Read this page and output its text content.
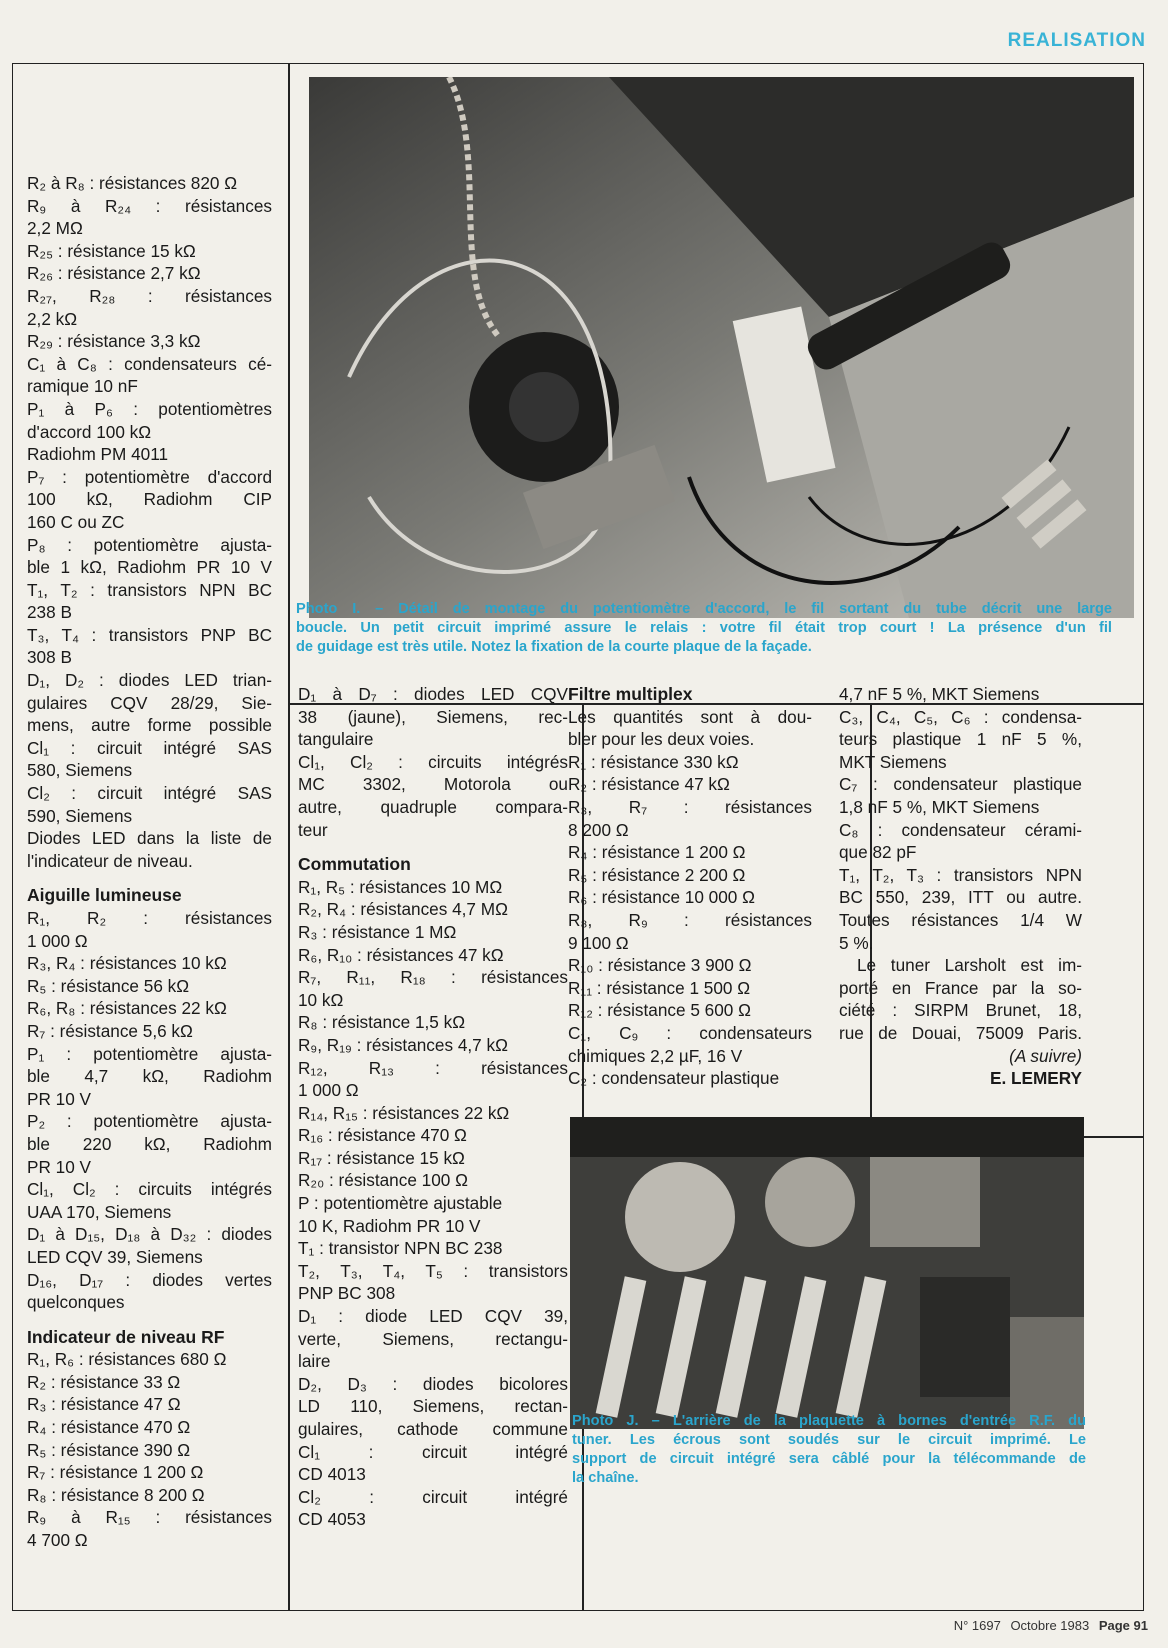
REALISATION
Photo I. – Détail de montage du potentiomètre d'accord, le fil sortant du tube décrit une large
boucle. Un petit circuit imprimé assure le relais : votre fil était trop court ! La présence d'un fil
de guidage est très utile. Notez la fixation de la courte plaque de la façade.
Photo J. – L'arrière de la plaquette à bornes d'entrée R.F. du
tuner. Les écrous sont soudés sur le circuit imprimé. Le
support de circuit intégré sera câblé pour la télécommande de
la chaîne.
R₂ à R₈ : résistances 820 Ω
R₉ à R₂₄ : résistances
2,2 MΩ
R₂₅ : résistance 15 kΩ
R₂₆ : résistance 2,7 kΩ
R₂₇, R₂₈ : résistances
2,2 kΩ
R₂₉ : résistance 3,3 kΩ
C₁ à C₈ : condensateurs cé-
ramique 10 nF
P₁ à P₆ : potentiomètres
d'accord 100 kΩ
Radiohm PM 4011
P₇ : potentiomètre d'accord
100 kΩ, Radiohm CIP
160 C ou ZC
P₈ : potentiomètre ajusta-
ble 1 kΩ, Radiohm PR 10 V
T₁, T₂ : transistors NPN BC
238 B
T₃, T₄ : transistors PNP BC
308 B
D₁, D₂ : diodes LED trian-
gulaires CQV 28/29, Sie-
mens, autre forme possible
Cl₁ : circuit intégré SAS
580, Siemens
Cl₂ : circuit intégré SAS
590, Siemens
Diodes LED dans la liste de
l'indicateur de niveau.
Aiguille lumineuse
R₁, R₂ : résistances
1 000 Ω
R₃, R₄ : résistances 10 kΩ
R₅ : résistance 56 kΩ
R₆, R₈ : résistances 22 kΩ
R₇ : résistance 5,6 kΩ
P₁ : potentiomètre ajusta-
ble 4,7 kΩ, Radiohm
PR 10 V
P₂ : potentiomètre ajusta-
ble 220 kΩ, Radiohm
PR 10 V
Cl₁, Cl₂ : circuits intégrés
UAA 170, Siemens
D₁ à D₁₅, D₁₈ à D₃₂ : diodes
LED CQV 39, Siemens
D₁₆, D₁₇ : diodes vertes
quelconques
Indicateur de niveau RF
R₁, R₆ : résistances 680 Ω
R₂ : résistance 33 Ω
R₃ : résistance 47 Ω
R₄ : résistance 470 Ω
R₅ : résistance 390 Ω
R₇ : résistance 1 200 Ω
R₈ : résistance 8 200 Ω
R₉ à R₁₅ : résistances
4 700 Ω
D₁ à D₇ : diodes LED CQV
38 (jaune), Siemens, rec-
tangulaire
Cl₁, Cl₂ : circuits intégrés
MC 3302, Motorola ou
autre, quadruple compara-
teur
Commutation
R₁, R₅ : résistances 10 MΩ
R₂, R₄ : résistances 4,7 MΩ
R₃ : résistance 1 MΩ
R₆, R₁₀ : résistances 47 kΩ
R₇, R₁₁, R₁₈ : résistances
10 kΩ
R₈ : résistance 1,5 kΩ
R₉, R₁₉ : résistances 4,7 kΩ
R₁₂, R₁₃ : résistances
1 000 Ω
R₁₄, R₁₅ : résistances 22 kΩ
R₁₆ : résistance 470 Ω
R₁₇ : résistance 15 kΩ
R₂₀ : résistance 100 Ω
P : potentiomètre ajustable
10 K, Radiohm PR 10 V
T₁ : transistor NPN BC 238
T₂, T₃, T₄, T₅ : transistors
PNP BC 308
D₁ : diode LED CQV 39,
verte, Siemens, rectangu-
laire
D₂, D₃ : diodes bicolores
LD 110, Siemens, rectan-
gulaires, cathode commune
Cl₁ : circuit intégré
CD 4013
Cl₂ : circuit intégré
CD 4053
Filtre multiplex
Les quantités sont à dou-
bler pour les deux voies.
R₁ : résistance 330 kΩ
R₂ : résistance 47 kΩ
R₃, R₇ : résistances
8 200 Ω
R₄ : résistance 1 200 Ω
R₅ : résistance 2 200 Ω
R₆ : résistance 10 000 Ω
R₈, R₉ : résistances
9 100 Ω
R₁₀ : résistance 3 900 Ω
R₁₁ : résistance 1 500 Ω
R₁₂ : résistance 5 600 Ω
C₁, C₉ : condensateurs
chimiques 2,2 µF, 16 V
C₂ : condensateur plastique
4,7 nF 5 %, MKT Siemens
C₃, C₄, C₅, C₆ : condensa-
teurs plastique 1 nF 5 %,
MKT Siemens
C₇ : condensateur plastique
1,8 nF 5 %, MKT Siemens
C₈ : condensateur cérami-
que 82 pF
T₁, T₂, T₃ : transistors NPN
BC 550, 239, ITT ou autre.
Toutes résistances 1/4 W
5 %.
Le tuner Larsholt est im-
porté en France par la so-
ciété : SIRPM Brunet, 18,
rue de Douai, 75009 Paris.
(A suivre)
E. LEMERY
N° 1697 Octobre 1983 Page 91
